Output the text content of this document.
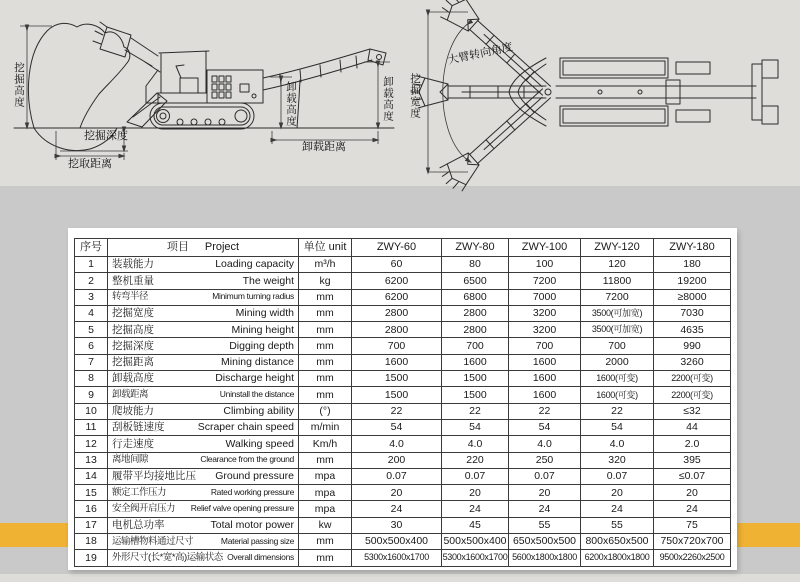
挖掘高度
挖掘深度
挖取距离
卸载高度
卸载距离
卸载高度
大臂转向角度
挖掘宽度
序号	项目 Project	单位 unit	ZWY-60	ZWY-80	ZWY-100	ZWY-120	ZWY-180
1	装载能力 Loading capacity	m³/h	60	80	100	120	180
2	整机重量 The weight	kg	6200	6500	7200	11800	19200
3	转弯半径 Minimum turning radius	mm	6200	6800	7000	7200	≥8000
4	挖掘宽度 Mining width	mm	2800	2800	3200	3500(可加宽)	7030
5	挖掘高度 Mining height	mm	2800	2800	3200	3500(可加宽)	4635
6	挖掘深度 Digging depth	mm	700	700	700	700	990
7	挖掘距离 Mining distance	mm	1600	1600	1600	2000	3260
8	卸载高度 Discharge height	mm	1500	1500	1600	1600(可变)	2200(可变)
9	卸载距离 Uninstall the distance	mm	1500	1500	1600	1600(可变)	2200(可变)
10	爬坡能力 Climbing ability	(°)	22	22	22	22	≤32
11	刮板链速度 Scraper chain speed	m/min	54	54	54	54	44
12	行走速度 Walking speed	Km/h	4.0	4.0	4.0	4.0	2.0
13	离地间隙 Clearance from the ground	mm	200	220	250	320	395
14	履带平均接地比压 Ground pressure	mpa	0.07	0.07	0.07	0.07	≤0.07
15	额定工作压力 Rated working pressure	mpa	20	20	20	20	20
16	安全阀开启压力 Relief valve opening pressure	mpa	24	24	24	24	24
17	电机总功率 Total motor power	kw	30	45	55	55	75
18	运输槽物料通过尺寸 Material passing size	mm	500x500x400	500x500x400	650x500x500	800x650x500	750x720x700
19	外形尺寸(长*宽*高)运输状态 Overall dimensions	mm	5300x1600x1700	5300x1600x1700	5600x1800x1800	6200x1800x1800	9500x2260x2500
